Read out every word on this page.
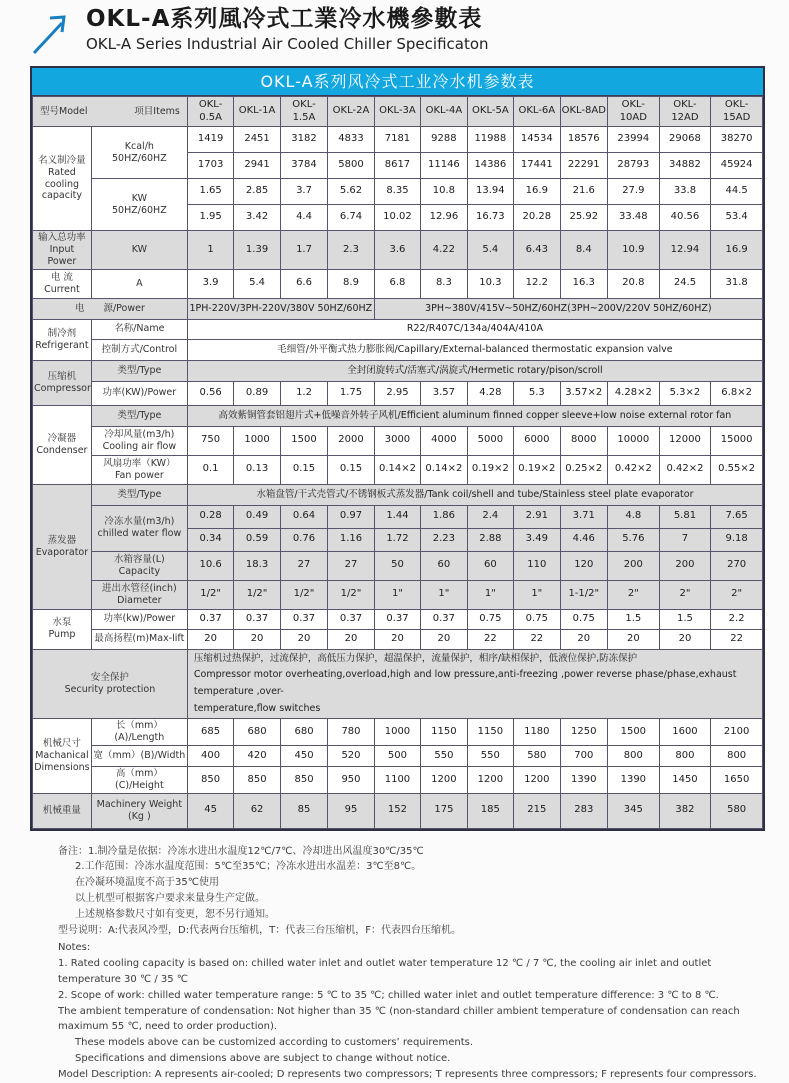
OKL-A系列風冷式工業冷水機參數表
OKL-A Series Industrial Air Cooled Chiller Specificaton
OKL-A系列风冷式工业冷水机参数表
型号Model 项目Items		OKL-0.5A	OKL-1A	OKL-1.5A	OKL-2A	OKL-3A	OKL-4A	OKL-5A	OKL-6A	OKL-8AD	OKL-10AD	OKL-12AD	OKL-15AD
名义制冷量
Rated
cooling
capacity	Kcal/h
50HZ/60HZ	1419	2451	3182	4833	7181	9288	11988	14534	18576	23994	29068	38270
		1703	2941	3784	5800	8617	11146	14386	17441	22291	28793	34882	45924
	KW
50HZ/60HZ	1.65	2.85	3.7	5.62	8.35	10.8	13.94	16.9	21.6	27.9	33.8	44.5
		1.95	3.42	4.4	6.74	10.02	12.96	16.73	20.28	25.92	33.48	40.56	53.4
输入总功率
Input Power	KW	1	1.39	1.7	2.3	3.6	4.22	5.4	6.43	8.4	10.9	12.94	16.9
电 流
Current	A	3.9	5.4	6.6	8.9	6.8	8.3	10.3	12.2	16.3	20.8	24.5	31.8
电　　源/Power		1PH-220V/3PH-220V/380V 50HZ/60HZ				3PH~380V/415V~50HZ/60HZ(3PH~200V/220V 50HZ/60HZ)							
制冷剂
Refrigerant	名称/Name	R22/R407C/134a/404A/410A											
	控制方式/Control	毛细管/外平衡式热力膨胀阀/Capillary/External-balanced thermostatic expansion valve											
压缩机
Compressor	类型/Type	全封闭旋转式/活塞式/涡旋式/Hermetic rotary/pison/scroll											
	功率(KW)/Power	0.56	0.89	1.2	1.75	2.95	3.57	4.28	5.3	3.57×2	4.28×2	5.3×2	6.8×2
冷凝器
Condenser	类型/Type	高效紫铜管套铝翅片式+低噪音外转子风机/Efficient aluminum finned copper sleeve+low noise external rotor fan											
	冷却风量(m3/h)
Cooling air flow	750	1000	1500	2000	3000	4000	5000	6000	8000	10000	12000	15000
	风扇功率（KW）
Fan power	0.1	0.13	0.15	0.15	0.14×2	0.14×2	0.19×2	0.19×2	0.25×2	0.42×2	0.42×2	0.55×2
蒸发器
Evaporator	类型/Type	水箱盘管/干式壳管式/不锈钢板式蒸发器/Tank coil/shell and tube/Stainless steel plate evaporator											
	冷冻水量(m3/h)
chilled water flow	0.28	0.49	0.64	0.97	1.44	1.86	2.4	2.91	3.71	4.8	5.81	7.65
		0.34	0.59	0.76	1.16	1.72	2.23	2.88	3.49	4.46	5.76	7	9.18
	水箱容量(L)
Capacity	10.6	18.3	27	27	50	60	60	110	120	200	200	270
	进出水管径(inch)
Diameter	1/2"	1/2"	1/2"	1/2"	1"	1"	1"	1"	1-1/2"	2"	2"	2"
水泵
Pump	功率(kw)/Power	0.37	0.37	0.37	0.37	0.37	0.37	0.75	0.75	0.75	1.5	1.5	2.2
	最高扬程(m)Max-lift	20	20	20	20	20	20	22	22	20	20	20	22
安全保护
Security protection		压缩机过热保护，过流保护，高低压力保护，超温保护，流量保护，相序/缺相保护，低液位保护,防冻保护
Compressor motor overheating,overload,high and low pressure,anti-freezing ,power reverse phase/phase,exhaust temperature ,over-
temperature,flow switches											
机械尺寸
Machanical
Dimensions	长（mm）(A)/Length	685	680	680	780	1000	1150	1150	1180	1250	1500	1600	2100
	宽（mm）(B)/Width	400	420	450	520	500	550	550	580	700	800	800	800
	高（mm）(C)/Height	850	850	850	950	1100	1200	1200	1200	1390	1390	1450	1650
机械重量	Machinery Weight
(Kg )	45	62	85	95	152	175	185	215	283	345	382	580
备注：1.制冷量是依据：冷冻水进出水温度12℃/7℃、冷却进出风温度30℃/35℃
2.工作范围：冷冻水温度范围：5℃至35℃；冷冻水进出水温差：3℃至8℃。
在冷凝环境温度不高于35℃使用
以上机型可根据客户要求来量身生产定做。
上述规格参数尺寸如有变更，恕不另行通知。
型号说明：A:代表风冷型，D:代表两台压缩机，T：代表三台压缩机，F：代表四台压缩机。
Notes:
1. Rated cooling capacity is based on: chilled water inlet and outlet water temperature 12 ℃ / 7 ℃, the cooling air inlet and outlet temperature 30 ℃ / 35 ℃
2. Scope of work: chilled water temperature range: 5 ℃ to 35 ℃; chilled water inlet and outlet temperature difference: 3 ℃ to 8 ℃.
The ambient temperature of condensation: Not higher than 35 ℃ (non-standard chiller ambient temperature of condensation can reach maximum 55 ℃, need to order production).
These models above can be customized according to customers’ requirements.
Specifications and dimensions above are subject to change without notice.
Model Description: A represents air-cooled; D represents two compressors; T represents three compressors; F represents four compressors.
